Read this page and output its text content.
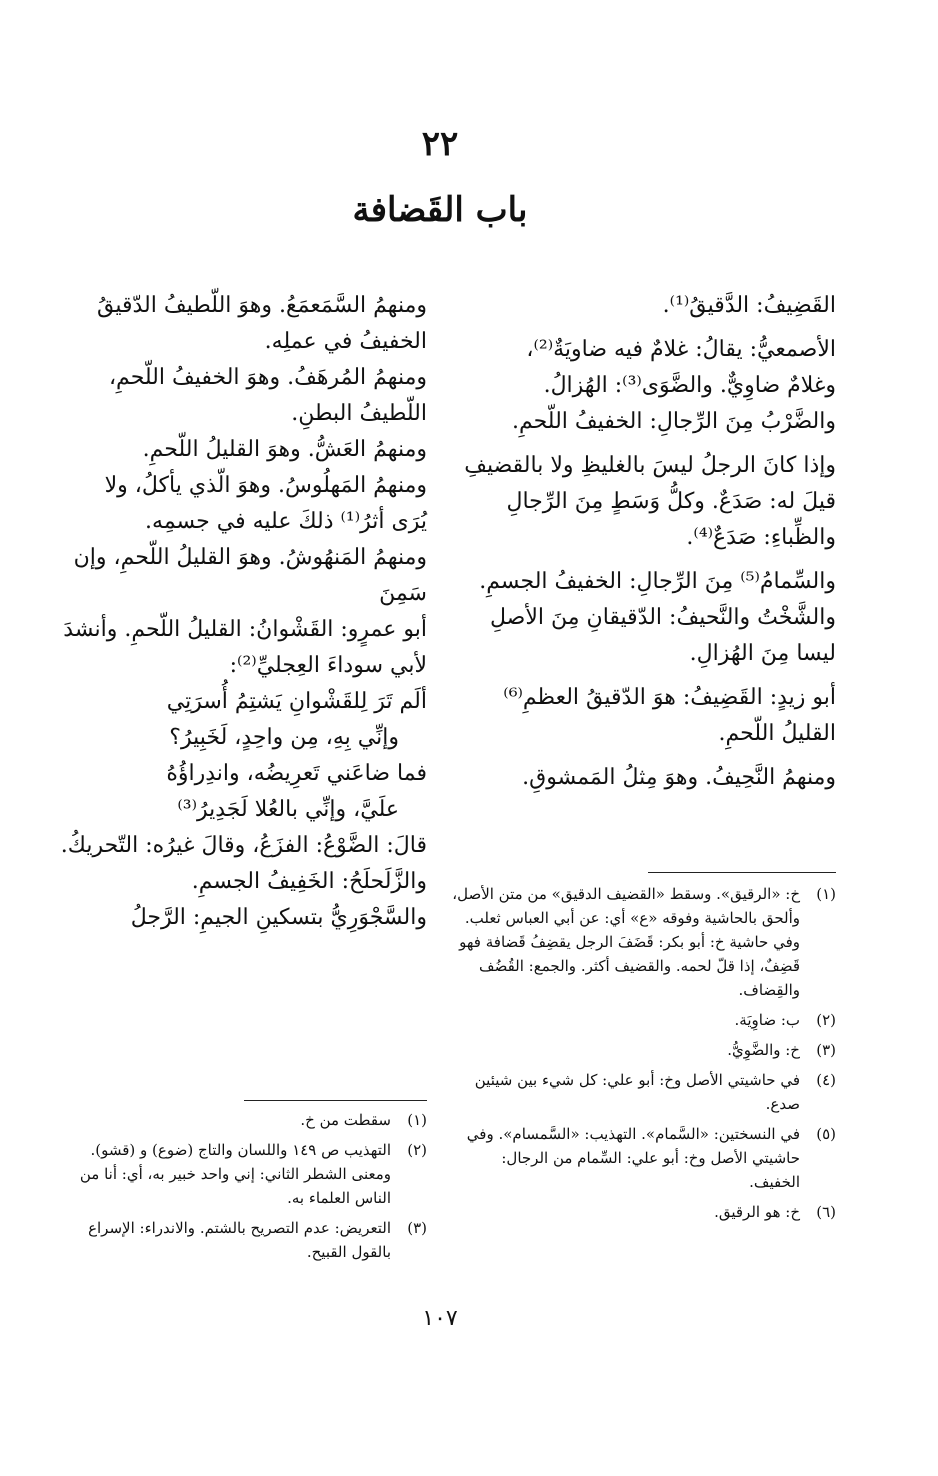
٢٢
باب القَضافة

القَضِيفُ: الدَّقيقُ⁽¹⁾.

الأصمعيُّ: يقالُ: غلامٌ فيه ضاويَةٌ⁽²⁾،

وغلامٌ ضاوِيٌّ. والضَّوَى⁽³⁾: الهُزالُ.

والضَّرْبُ مِنَ الرِّجالِ: الخفيفُ اللّحمِ.

وإذا كانَ الرجلُ ليسَ بالغليظِ ولا بالقضيفِ

قيلَ له: صَدَعٌ. وكلُّ وَسَطٍ مِنَ الرِّجالِ

والظِّباءِ: صَدَعٌ⁽⁴⁾.

والسِّمامُ⁽⁵⁾ مِنَ الرِّجالِ: الخفيفُ الجسمِ.

والشَّخْتُ والنَّحيفُ: الدّقيقانِ مِنَ الأصلِ

ليسا مِنَ الهُزالِ.

أبو زيدٍ: القَضِيفُ: هوَ الدّقيقُ العظمِ⁽⁶⁾

القليلُ اللّحمِ.

ومنهمُ النَّحِيفُ. وهوَ مِثلُ المَمشوقِ.

ومنهمُ السَّمَعمَعُ. وهوَ اللّطيفُ الدّقيقُ

الخفيفُ في عملِه.

ومنهمُ المُرهَفُ. وهوَ الخفيفُ اللّحمِ،

اللّطيفُ البطنِ.

ومنهمُ العَشُّ. وهوَ القليلُ اللّحمِ.

ومنهمُ المَهلُوسُ. وهوَ الّذي يأكلُ، ولا

يُرَى أثرُ⁽¹⁾ ذلكَ عليه في جسمِه.

ومنهمُ المَنهُوشُ. وهوَ القليلُ اللّحمِ، وإن

سَمِنَ

أبو عمرٍو: القَشْوانُ: القليلُ اللّحمِ. وأنشدَ

لأبي سوداءَ العِجليِّ⁽²⁾:

ألَم تَرَ لِلقَشْوانِ يَشتِمُ أُسرَتِي

وإنِّي بِهِ، مِن واحِدٍ، لَخَبِيرُ؟

فما ضاعَني تَعرِيضُه، واندِراؤُهُ

علَيَّ، وإنِّي بالعُلا لَجَدِيرُ⁽³⁾

قالَ: الضَّوْعُ: الفزَعُ، وقالَ غيرُه: التّحريكُ.

والزَّلَحلَحُ: الخَفِيفُ الجسمِ.

والسَّجْوَرِيُّ بتسكينِ الجيمِ: الرَّجلُ

(١)
خ: «الرقيق». وسقط «القضيف الدقيق» من متن الأصل، وألحق بالحاشية وفوقه «ع» أي: عن أبي العباس ثعلب. وفي حاشية خ: أبو بكر: قَضَفَ الرجل يقضِفُ قَضافة فهو قَضِفٌ، إذا قلّ لحمه. والقضيف أكثر. والجمع: القُضُف والقِضاف.
(٢)
ب: ضاوِيَة.
(٣)
خ: والضَّوِيُّ.
(٤)
في حاشيتي الأصل وخ: أبو علي: كل شيء بين شيئين صدع.
(٥)
في النسختين: «السَّمام». التهذيب: «السَّمسام». وفي حاشيتي الأصل وخ: أبو علي: السِّمام من الرجال: الخفيف.
(٦)
خ: هو الرقيق.
(١)
سقطت من خ.
(٢)
التهذيب ص ١٤٩ واللسان والتاج (ضوع) و (قشو). ومعنى الشطر الثاني: إني واحد خبير به، أي: أنا من الناس العلماء به.
(٣)
التعريض: عدم التصريح بالشتم. والاندراء: الإسراع بالقول القبيح.
١٠٧
